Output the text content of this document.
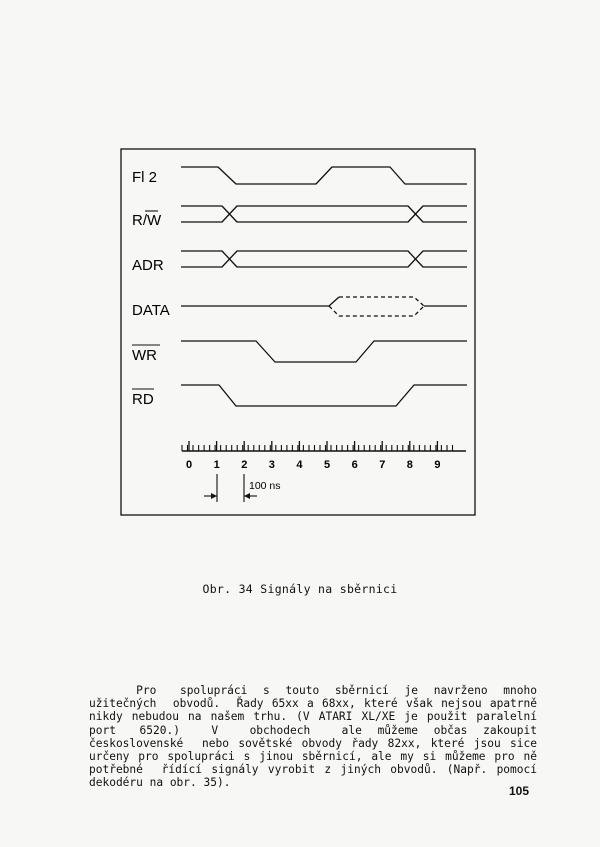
Fl 2
R/W
ADR
DATA
WR
RD
0 1 2 3 4 5 6 7 8 9
100 ns
Obr. 34 Signály na sběrnici
Pro   spolupráci  s  touto  sběrnicí  je  navrženo  mnoho
užitečných  obvodů.  Řady 65xx a 68xx, které však nejsou apatrně
nikdy nebudou na našem trhu. (V ATARI XL/XE je použit paralelní
port   6520.)    V    obchodech    ale  můžeme  občas  zakoupit
československé  nebo sovětské obvody řady 82xx, které jsou sice
určeny pro spolupráci s jinou sběrnicí, ale my si můžeme pro ně
potřebné  řídící signály vyrobit z jiných obvodů. (Např. pomocí
dekodéru na obr. 35).
105
